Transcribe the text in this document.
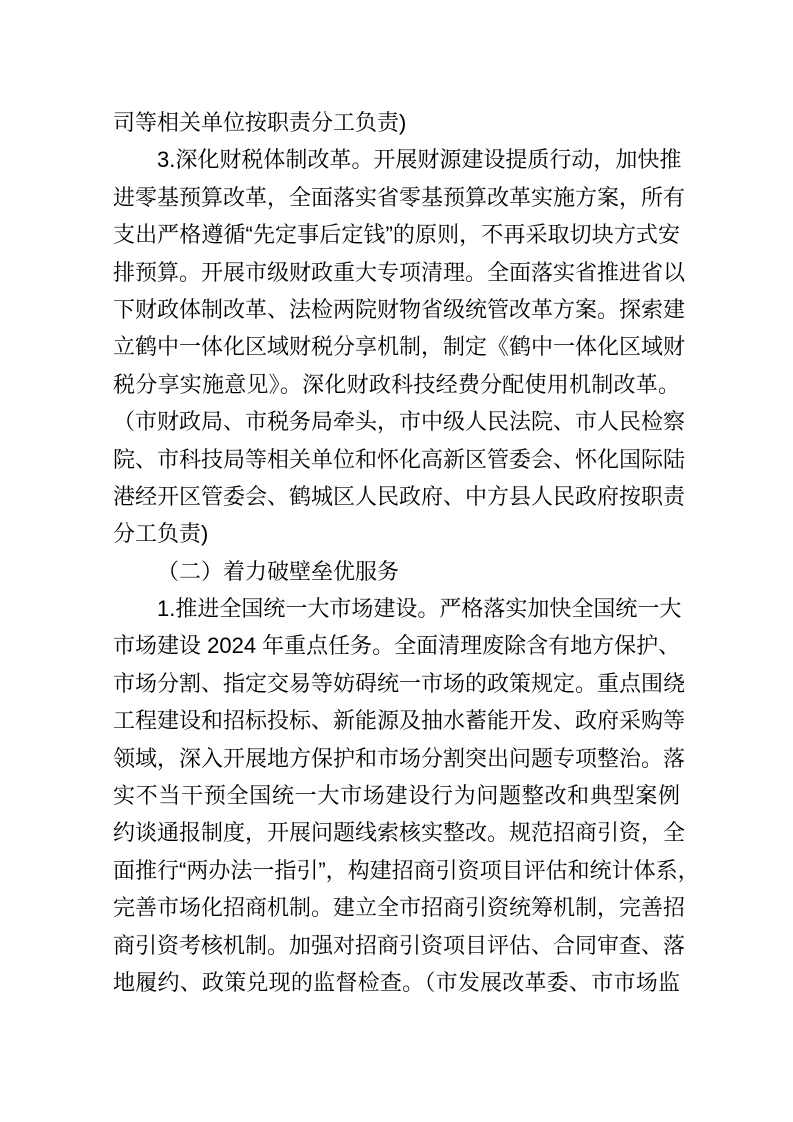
司等相关单位按职责分工负责)
3.深化财税体制改革。开展财源建设提质行动，加快推
进零基预算改革，全面落实省零基预算改革实施方案，所有
支出严格遵循“先定事后定钱”的原则，不再采取切块方式安
排预算。开展市级财政重大专项清理。全面落实省推进省以
下财政体制改革、法检两院财物省级统管改革方案。探索建
立鹤中一体化区域财税分享机制，制定《鹤中一体化区域财
税分享实施意见》。深化财政科技经费分配使用机制改革。
（市财政局、市税务局牵头，市中级人民法院、市人民检察
院、市科技局等相关单位和怀化高新区管委会、怀化国际陆
港经开区管委会、鹤城区人民政府、中方县人民政府按职责
分工负责)
（二）着力破壁垒优服务
1.推进全国统一大市场建设。严格落实加快全国统一大
市场建设 2024 年重点任务。全面清理废除含有地方保护、
市场分割、指定交易等妨碍统一市场的政策规定。重点围绕
工程建设和招标投标、新能源及抽水蓄能开发、政府采购等
领域，深入开展地方保护和市场分割突出问题专项整治。落
实不当干预全国统一大市场建设行为问题整改和典型案例
约谈通报制度，开展问题线索核实整改。规范招商引资，全
面推行“两办法一指引”，构建招商引资项目评估和统计体系，
完善市场化招商机制。建立全市招商引资统筹机制，完善招
商引资考核机制。加强对招商引资项目评估、合同审查、落
地履约、政策兑现的监督检查。（市发展改革委、市市场监
